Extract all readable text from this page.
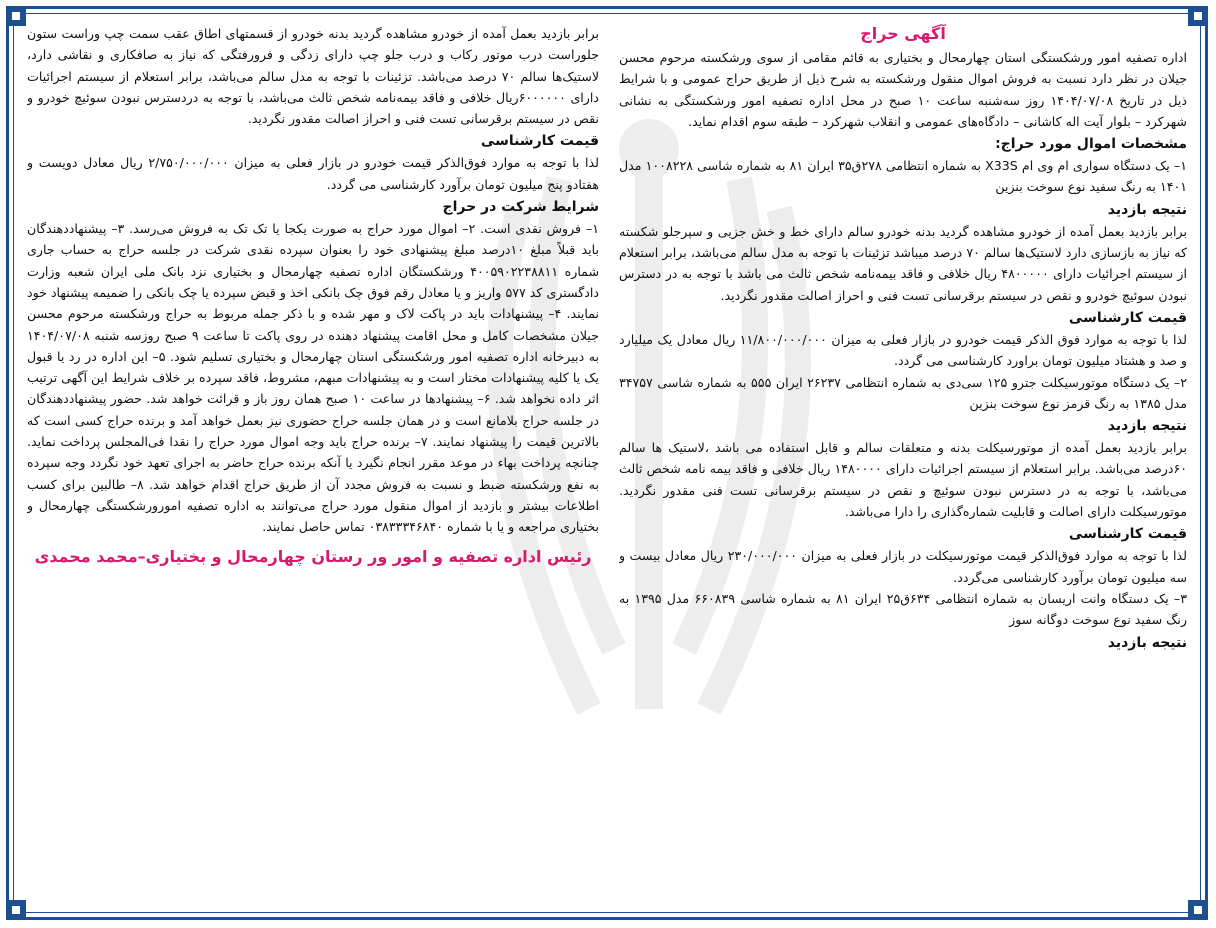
آگهی حراج

اداره تصفیه امور ورشکستگی استان چهارمحال و بختیاری به قائم مقامی از سوی ورشکسته مرحوم محسن جیلان در نظر دارد نسبت به فروش اموال منقول ورشکسته به شرح ذیل از طریق حراج عمومی و با شرایط ذیل در تاریخ ۱۴۰۴/۰۷/۰۸ روز سه‌شنبه ساعت ۱۰ صبح در محل اداره تصفیه امور ورشکستگی به نشانی شهرکرد – بلوار آیت اله کاشانی – دادگاه‌های عمومی و انقلاب شهرکرد – طبقه سوم اقدام نماید.

مشخصات اموال مورد حراج:

۱– یک دستگاه سواری ام وی ام X33S به شماره انتظامی ۲۷۸ق۳۵ ایران ۸۱ به شماره شاسی ۱۰۰۸۲۲۸ مدل ۱۴۰۱ به رنگ سفید نوع سوخت بنزین

نتیجه بازدید

برابر بازدید بعمل آمده از خودرو مشاهده گردید بدنه خودرو سالم دارای خط و خش جزیی و سپرجلو شکسته که نیاز به بازسازی دارد لاستیک‌ها سالم ۷۰ درصد میباشد تزئینات با توجه به مدل سالم می‌باشد، برابر استعلام از سیستم اجرائیات دارای ۴۸۰۰۰۰۰ ریال خلافی و فاقد بیمه‌نامه شخص ثالث می باشد با توجه به در دسترس نبودن سوئیچ خودرو و نقص در سیستم برقرسانی تست فنی و احراز اصالت مقدور نگردید.

قیمت کارشناسی

لذا با توجه به موارد فوق الذکر قیمت خودرو در بازار فعلی به میزان ۱۱/۸۰۰/۰۰۰/۰۰۰ ریال معادل یک میلیارد و صد و هشتاد میلیون تومان براورد کارشناسی می گردد.

۲– یک دستگاه موتورسیکلت جترو ۱۲۵ سی‌دی به شماره انتظامی ۲۶۲۳۷ ایران ۵۵۵ به شماره شاسی ۳۴۷۵۷ مدل ۱۳۸۵ به رنگ قرمز نوع سوخت بنزین

نتیجه بازدید

برابر بازدید بعمل آمده از موتورسیکلت بدنه و متعلقات سالم و قابل استفاده می باشد ،لاستیک ها سالم ۶۰درصد می‌باشد. برابر استعلام از سیستم اجرائیات دارای ۱۴۸۰۰۰۰ ریال خلافی و فاقد بیمه نامه شخص ثالث می‌باشد، با توجه به در دسترس نبودن سوئیچ و نقص در سیستم برقرسانی تست فنی مقدور نگردید. موتورسیکلت دارای اصالت و قابلیت شماره‌گذاری را دارا می‌باشد.

قیمت کارشناسی

لذا با توجه به موارد فوق‌الذکر قیمت موتورسیکلت در بازار فعلی به میزان ۲۳۰/۰۰۰/۰۰۰ ریال معادل بیست و سه میلیون تومان برآورد کارشناسی می‌گردد.

۳– یک دستگاه وانت اریسان به شماره انتظامی ۶۳۴ق۲۵ ایران ۸۱ به شماره شاسی ۶۶۰۸۳۹ مدل ۱۳۹۵ به رنگ سفید نوع سوخت دوگانه سوز

نتیجه بازدید

برابر بازدید بعمل آمده از خودرو مشاهده گردید بدنه خودرو از قسمتهای اطاق عقب سمت چپ وراست ستون جلوراست درب موتور رکاب و درب جلو چپ دارای زدگی و فرورفتگی که نیاز به صافکاری و نقاشی دارد، لاستیک‌ها سالم ۷۰ درصد می‌باشد. تزئینات با توجه به مدل سالم می‌باشد، برابر استعلام از سیستم اجرائیات دارای ۶۰۰۰۰۰۰ریال خلافی و فاقد بیمه‌نامه شخص ثالث می‌باشد، با توجه به دردسترس نبودن سوئیچ خودرو و نقص در سیستم برقرسانی تست فنی و احراز اصالت مقدور نگردید.

قیمت کارشناسی

لذا با توجه به موارد فوق‌الذکر قیمت خودرو در بازار فعلی به میزان ۲/۷۵۰/۰۰۰/۰۰۰ ریال معادل دویست و هفتادو پنج میلیون تومان برآورد کارشناسی می گردد.

شرایط شرکت در حراج

۱– فروش نقدی است. ۲– اموال مورد حراج به صورت یکجا یا تک تک به فروش می‌رسد. ۳– پیشنهاددهندگان باید قبلاً مبلغ ۱۰درصد مبلغ پیشنهادی خود را بعنوان سپرده نقدی شرکت در جلسه حراج به حساب جاری شماره ۴۰۰۵۹۰۲۲۳۸۸۱۱ ورشکستگان اداره تصفیه چهارمحال و بختیاری نزد بانک ملی ایران شعبه وزارت دادگستری کد ۵۷۷ واریز و یا معادل رقم فوق چک بانکی اخذ و قبض سپرده یا چک بانکی را ضمیمه پیشنهاد خود نمایند. ۴– پیشنهادات باید در پاکت لاک و مهر شده و با ذکر جمله مربوط به حراج ورشکسته مرحوم محسن جیلان مشخصات کامل و محل اقامت پیشنهاد دهنده در روی پاکت تا ساعت ۹ صبح روزسه شنبه ۱۴۰۴/۰۷/۰۸ به دبیرخانه اداره تصفیه امور ورشکستگی استان چهارمحال و بختیاری تسلیم شود. ۵– این اداره در رد یا قبول یک یا کلیه پیشنهادات مختار است و به پیشنهادات مبهم، مشروط، فاقد سپرده بر خلاف شرایط این آگهی ترتیب اثر داده نخواهد شد. ۶– پیشنهادها در ساعت ۱۰ صبح همان روز باز و قرائت خواهد شد. حضور پیشنهاددهندگان در جلسه حراج بلامانع است و در همان جلسه حراج حضوری نیز بعمل خواهد آمد و برنده حراج کسی است که بالاترین قیمت را پیشنهاد نمایند. ۷– برنده حراج باید وجه اموال مورد حراج را نقدا فی‌المجلس پرداخت نماید. چنانچه پرداخت بهاء در موعد مقرر انجام نگیرد یا آنکه برنده حراج حاضر به اجرای تعهد خود نگردد وجه سپرده به نفع ورشکسته ضبط و نسبت به فروش مجدد آن از طریق حراج اقدام خواهد شد. ۸– طالبین برای کسب اطلاعات بیشتر و بازدید از اموال منقول مورد حراج می‌توانند به اداره تصفیه امورورشکستگی چهارمحال و بختیاری مراجعه و یا با شماره ۰۳۸۳۳۳۴۶۸۴۰ تماس حاصل نمایند.

رئیس اداره تصفیه و امور ور رستان چهارمحال و بختیاری–محمد محمدی
